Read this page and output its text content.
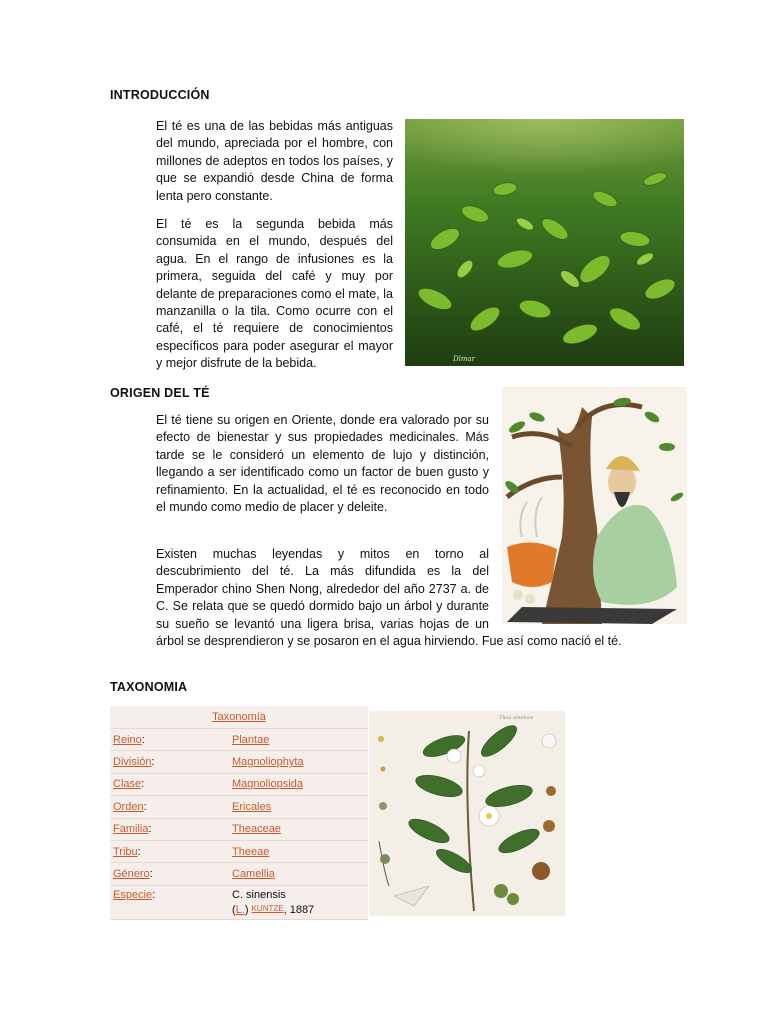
INTRODUCCIÓN
El té es una de las bebidas más antiguas del mundo, apreciada por el hombre, con millones de adeptos en todos los países, y que se expandió desde China de forma lenta pero constante.
El té es la segunda bebida más consumida en el mundo, después del agua. En el rango de infusiones es la primera, seguida del café y muy por delante de preparaciones como el mate, la manzanilla o la tila. Como ocurre con el café, el té requiere de conocimientos específicos para poder asegurar el mayor y mejor disfrute de la bebida.	Dlmar
ORIGEN DEL TÉ
El té tiene su origen en Oriente, donde era valorado por su efecto de bienestar y sus propiedades medicinales. Más tarde se le consideró un elemento de lujo y distinción, llegando a ser identificado como un factor de buen gusto y refinamiento. En la actualidad, el té es reconocido en todo el mundo como medio de placer y deleite.
Existen muchas leyendas y mitos en torno al descubrimiento del té. La más difundida es la del Emperador chino Shen Nong, alrededor del año 2737 a. de C. Se relata que se quedó dormido bajo un árbol y durante su sueño se levantó una ligera brisa, varias hojas de un árbol se desprendieron y se posaron en el agua hirviendo. Fue así como nació el té.
TAXONOMIA
Taxonomía	
Reino:	Plantae
División:	Magnoliophyta
Clase:	Magnoliopsida
Orden:	Ericales
Familia:	Theaceae
Tribu:	Theeae
Género:	Camellia
Especie:	C. sinensis
(L.) $^{KUNTZE}$, 1887
Thea sinensis
